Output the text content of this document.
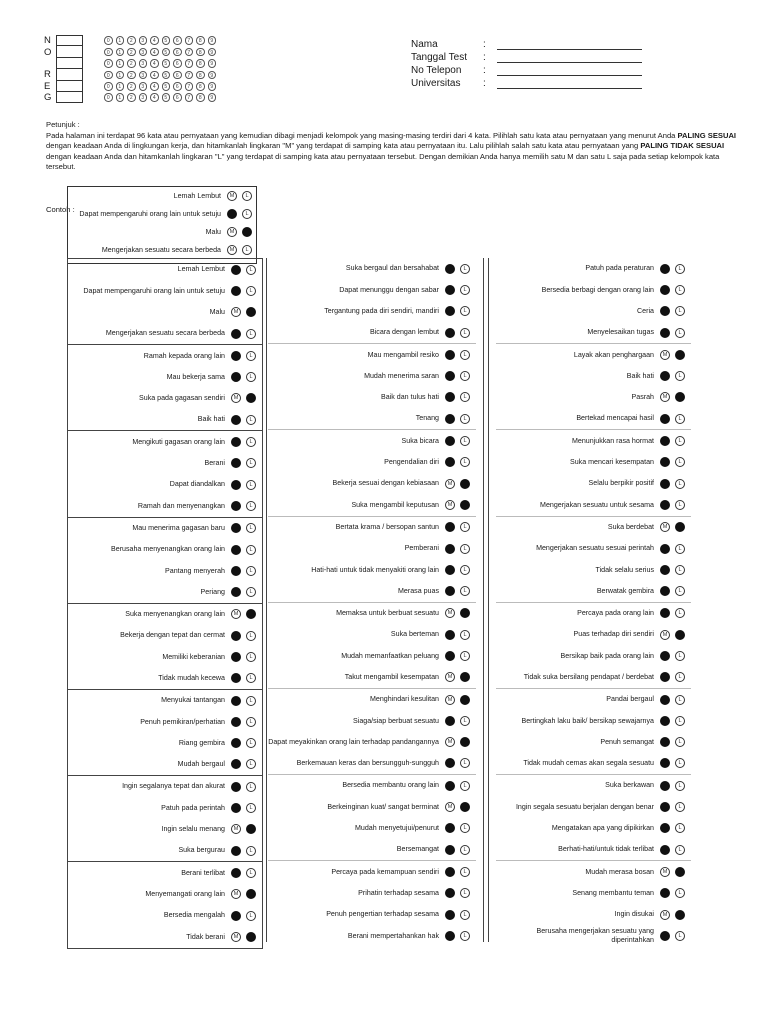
N	0	1	2	3	4	5	6	7	8	9
O	0	1	2	3	4	5	6	7	8	9
0	1	2	3	4	5	6	7	8	9
R	0	1	2	3	4	5	6	7	8	9
E	0	1	2	3	4	5	6	7	8	9
G	0	1	2	3	4	5	6	7	8	9
Nama	:
Tanggal Test	:
No Telepon	:
Universitas	:
Petunjuk :
Pada halaman ini terdapat 96 kata atau pernyataan yang kemudian dibagi menjadi kelompok yang masing-masing terdiri dari 4 kata. Pilihlah satu kata atau pernyataan yang menurut Anda PALING SESUAI dengan keadaan Anda di lingkungan kerja, dan hitamkanlah lingkaran "M" yang terdapat di samping kata atau pernyataan itu. Lalu pilihlah salah satu kata atau pernyataan yang PALING TIDAK SESUAI dengan keadaan Anda dan hitamkanlah lingkaran "L" yang terdapat di samping kata atau pernyataan tersebut. Dengan demikian Anda hanya memilih satu M dan satu L saja pada setiap kelompok kata tersebut.
Contoh :
Lemah Lembut	M	L
Dapat mempengaruhi orang lain untuk setuju	L
Malu	M
Mengerjakan sesuatu secara berbeda	M	L
Lemah Lembut	L
Dapat mempengaruhi orang lain untuk setuju	L
Malu	M
Mengerjakan sesuatu secara berbeda	L
Ramah kepada orang lain	L
Mau bekerja sama	L
Suka pada gagasan sendiri	M
Baik hati	L
Mengikuti gagasan orang lain	L
Berani	L
Dapat diandalkan	L
Ramah dan menyenangkan	L
Mau menerima gagasan baru	L
Berusaha menyenangkan orang lain	L
Pantang menyerah	L
Periang	L
Suka menyenangkan orang lain	M
Bekerja dengan tepat dan cermat	L
Memiliki keberanian	L
Tidak mudah kecewa	L
Menyukai tantangan	L
Penuh pemikiran/perhatian	L
Riang gembira	L
Mudah bergaul	L
Ingin segalanya tepat dan akurat	L
Patuh pada perintah	L
Ingin selalu menang	M
Suka bergurau	L
Berani terlibat	L
Menyemangati orang lain	M
Bersedia mengalah	L
Tidak berani	M
Suka bergaul dan bersahabat	L
Dapat menunggu dengan sabar	L
Tergantung pada diri sendiri, mandiri	L
Bicara dengan lembut	L
Mau mengambil resiko	L
Mudah menerima saran	L
Baik dan tulus hati	L
Tenang	L
Suka bicara	L
Pengendalian diri	L
Bekerja sesuai dengan kebiasaan	M
Suka mengambil keputusan	M
Bertata krama / bersopan santun	L
Pemberani	L
Hati-hati untuk tidak menyakiti orang lain	L
Merasa puas	L
Memaksa untuk berbuat sesuatu	M
Suka berteman	L
Mudah memanfaatkan peluang	L
Takut mengambil kesempatan	M
Menghindari kesulitan	M
Siaga/siap berbuat sesuatu	L
Dapat meyakinkan orang lain terhadap pandangannya	M
Berkemauan keras dan bersungguh-sungguh	L
Bersedia membantu orang lain	L
Berkeinginan kuat/ sangat berminat	M
Mudah menyetujui/penurut	L
Bersemangat	L
Percaya pada kemampuan sendiri	L
Prihatin terhadap sesama	L
Penuh pengertian terhadap sesama	L
Berani mempertahankan hak	L
Patuh pada peraturan	L
Bersedia berbagi dengan orang lain	L
Ceria	L
Menyelesaikan tugas	L
Layak akan penghargaan	M
Baik hati	L
Pasrah	M
Bertekad mencapai hasil	L
Menunjukkan rasa hormat	L
Suka mencari kesempatan	L
Selalu berpikir positif	L
Mengerjakan sesuatu untuk sesama	L
Suka berdebat	M
Mengerjakan sesuatu sesuai perintah	L
Tidak selalu serius	L
Berwatak gembira	L
Percaya pada orang lain	L
Puas terhadap diri sendiri	M
Bersikap baik pada orang lain	L
Tidak suka bersilang pendapat / berdebat	L
Pandai bergaul	L
Bertingkah laku baik/ bersikap sewajarnya	L
Penuh semangat	L
Tidak mudah cemas akan segala sesuatu	L
Suka berkawan	L
Ingin segala sesuatu berjalan dengan benar	L
Mengatakan apa yang dipikirkan	L
Berhati-hati/untuk tidak terlibat	L
Mudah merasa bosan	M
Senang membantu teman	L
Ingin disukai	M
Berusaha mengerjakan sesuatu yang diperintahkan	L
